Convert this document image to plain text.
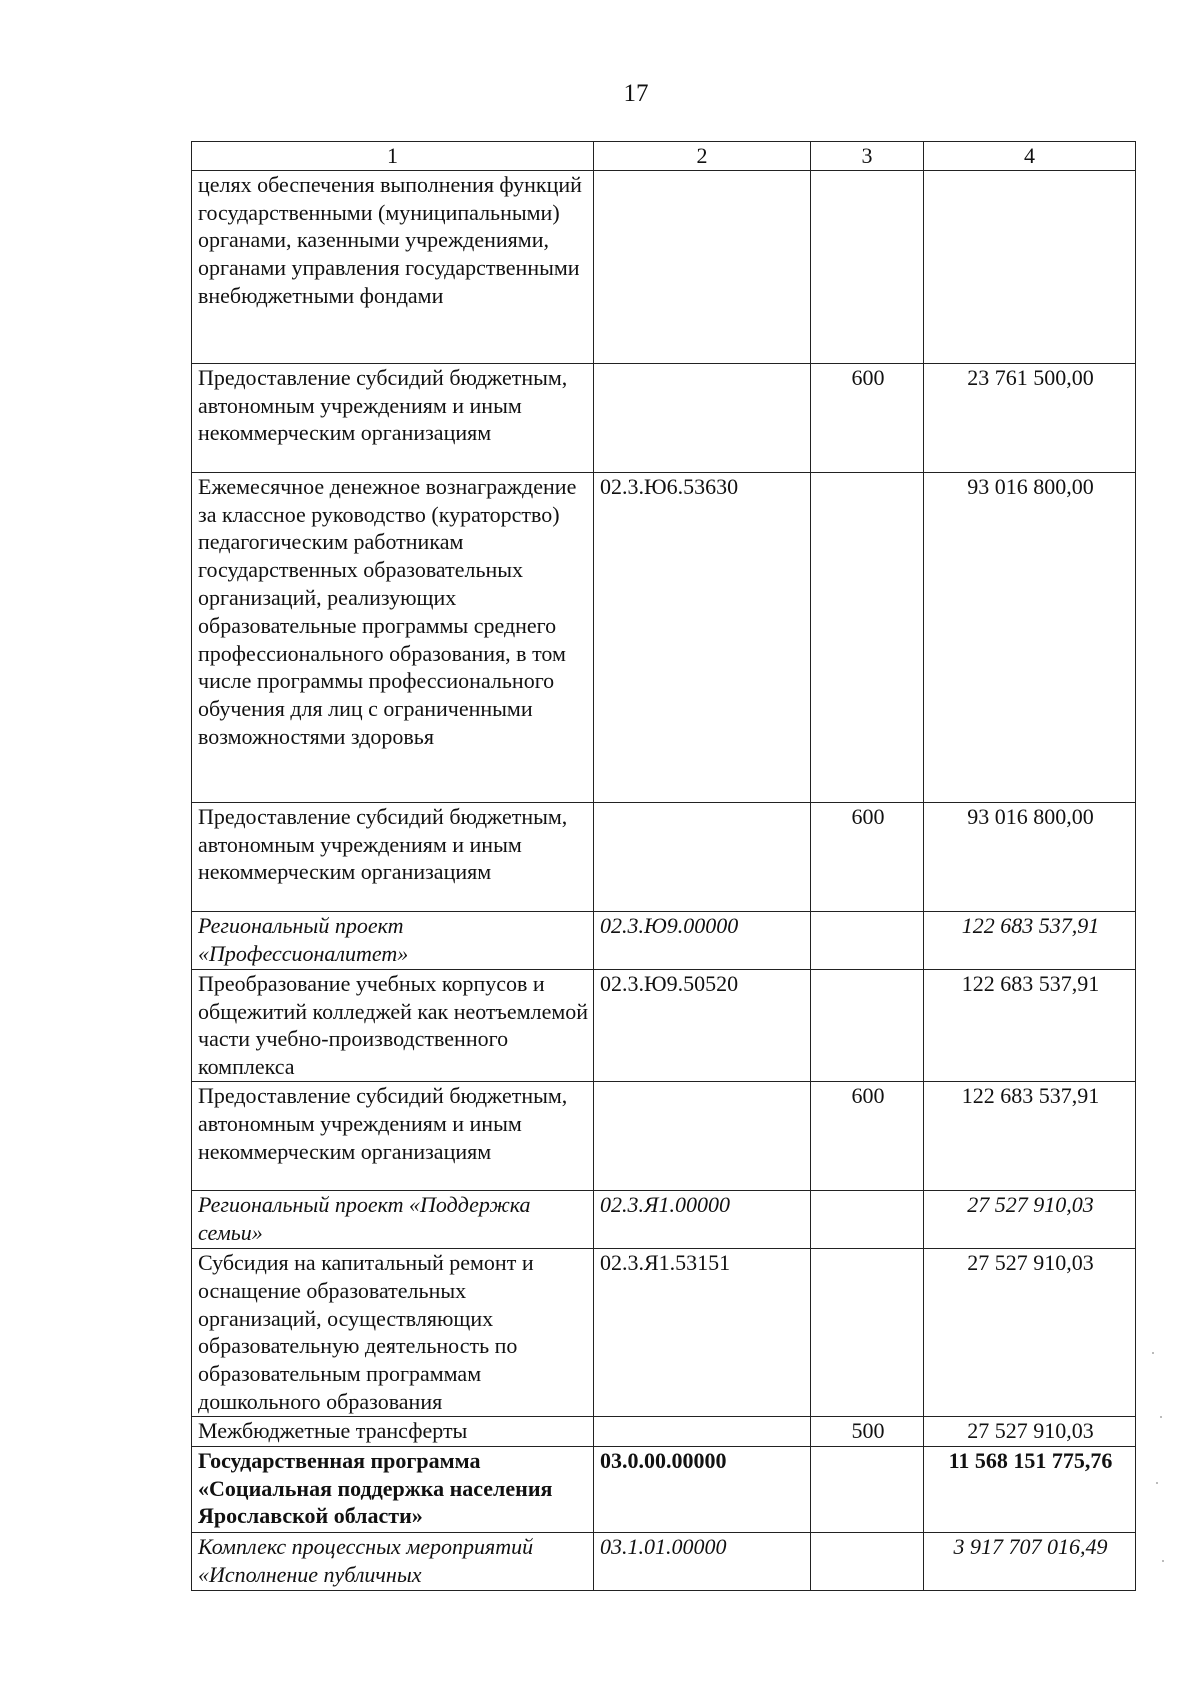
17
1	2	3	4
целях обеспечения выполнения функций государственными (муниципальными) органами, казенными учреждениями, органами управления государственными внебюджетными фондами			
Предоставление субсидий бюджетным, автономным учреждениям и иным некоммерческим организациям		600	23 761 500,00
Ежемесячное денежное вознаграждение за классное руководство (кураторство) педагогическим работникам государственных образовательных организаций, реализующих образовательные программы среднего профессионального образования, в том числе программы профессионального обучения для лиц с ограниченными возможностями здоровья	02.3.Ю6.53630		93 016 800,00
Предоставление субсидий бюджетным, автономным учреждениям и иным некоммерческим организациям		600	93 016 800,00
Региональный проект «Профессионалитет»	02.3.Ю9.00000		122 683 537,91
Преобразование учебных корпусов и общежитий колледжей как неотъемлемой части учебно-производственного комплекса	02.3.Ю9.50520		122 683 537,91
Предоставление субсидий бюджетным, автономным учреждениям и иным некоммерческим организациям		600	122 683 537,91
Региональный проект «Поддержка семьи»	02.3.Я1.00000		27 527 910,03
Субсидия на капитальный ремонт и оснащение образовательных организаций, осуществляющих образовательную деятельность по образовательным программам дошкольного образования	02.3.Я1.53151		27 527 910,03
Межбюджетные трансферты		500	27 527 910,03
Государственная программа «Социальная поддержка населения Ярославской области»	03.0.00.00000		11 568 151 775,76
Комплекс процессных мероприятий «Исполнение публичных	03.1.01.00000		3 917 707 016,49
